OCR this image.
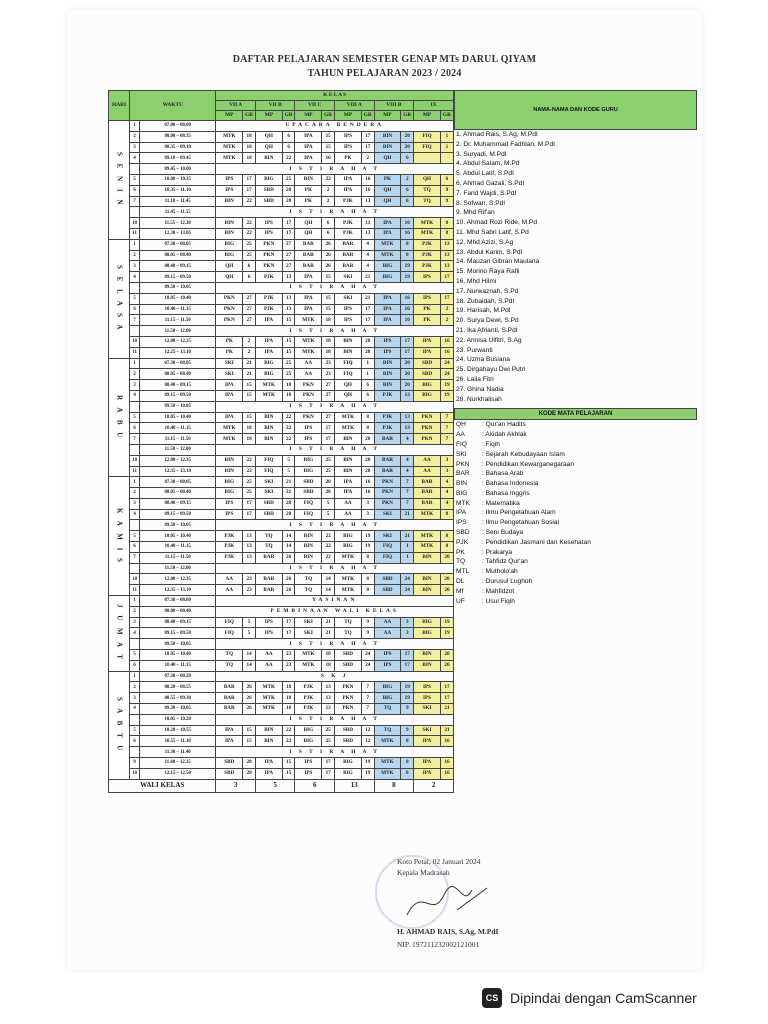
DAFTAR PELAJARAN SEMESTER GENAP MTs DARUL QIYAM
TAHUN PELAJARAN 2023 / 2024
HARI	WAKTU		K E L A S											
			VII A		VII B		VII C		VIII A		VIII B		IX	
			MP	GR	MP	GR	MP	GR	MP	GR	MP	GR	MP	GR
S E N I N	1	07.00 – 08.00	UPACARA BENDERA											
	2	08.00 – 08.35	MTK	18	QH	6	IPA	15	IPS	17	BIN	20	FIQ	1
	3	08.35 – 09.10	MTK	18	QH	6	IPA	15	IPS	17	BIN	20	FIQ	1
	4	09.10 – 09.45	MTK	18	BIN	22	IPA	16	PK	2	QH	6		
		09.45 – 10.00	I S T I R A H A T											
	5	10.00 – 10.35	IPS	17	BIG	25	BIN	22	IPA	16	PK	2	QH	6
	6	10.35 – 11.10	IPS	17	SBD	28	PK	2	IPA	16	QH	6	TQ	9
	7	11.10 – 11.45	BIN	22	SBD	28	PK	2	PJK	13	QH	6	TQ	9
		11.45 – 11.55	I S T I R A H A T											
	10	11.55 – 12.30	BIN	22	IPS	17	QH	6	PJK	13	IPA	16	MTK	8
	11	12.30 – 13.05	BIN	22	IPS	17	QH	6	PJK	13	IPA	16	MTK	8
S E L A S A	1	07.30 – 08.05	BIG	25	PKN	27	BAR	26	BAR	4	MTK	8	PJK	13
	2	08.05 – 08.40	BIG	25	PKN	27	BAR	26	BAR	4	MTK	8	PJK	13
	3	08.40 – 09.15	QH	6	PKN	27	BAR	26	BAR	4	BIG	19	PJK	13
	4	09.15 – 09.50	QH	6	PJK	13	IPA	15	SKI	21	BIG	19	IPS	17
		09.50 – 10.05	I S T I R A H A T											
	5	10.05 – 10.40	PKN	27	PJK	13	IPA	15	SKI	21	IPA	16	IPS	17
	6	10.40 – 11.15	PKN	27	PJK	13	IPA	15	IPS	17	IPA	16	PK	2
	7	11.15 – 11.50	PKN	27	IPA	15	MTK	18	IPS	17	IPA	16	PK	2
		11.50 – 12.00	I S T I R A H A T											
	10	12.00 – 12.25	PK	2	IPA	15	MTK	18	BIN	20	IPS	17	IPA	16
	11	12.25 – 13.10	PK	2	IPA	15	MTK	18	BIN	20	IPS	17	IPA	16
R A B U	1	07.30 – 08.05	SKI	21	BIG	25	AA	23	FIQ	1	BIN	20	SBD	24
	2	08.05 – 08.40	SKI	21	BIG	25	AA	23	FIQ	1	BIN	20	SBD	24
	3	08.40 – 09.15	IPA	15	MTK	18	PKN	27	QH	6	BIN	20	BIG	19
	4	09.15 – 09.50	IPA	15	MTK	18	PKN	27	QH	6	PJK	13	BIG	19
		09.50 – 10.05	I S T I R A H A T											
	5	10.05 – 10.40	IPA	15	BIN	22	PKN	27	MTK	8	PJK	13	PKN	7
	6	10.40 – 11.15	MTK	18	BIN	22	IPS	17	MTK	8	PJK	13	PKN	7
	7	11.15 – 11.50	MTK	18	BIN	22	IPS	17	BIN	20	BAR	4	PKN	7
		11.50 – 12.00	I S T I R A H A T											
	10	12.00 – 12.35	BIN	22	FIQ	5	BIG	25	BIN	20	BAR	4	AA	3
	11	12.35 – 13.10	BIN	22	FIQ	5	BIG	25	BIN	20	BAR	4	AA	3
K A M I S	1	07.30 – 08.05	BIG	25	SKI	21	SBD	28	IPA	16	PKN	7	BAR	4
	2	08.05 – 08.40	BIG	25	SKI	21	SBD	28	IPA	16	PKN	7	BAR	4
	3	08.40 – 09.15	IPS	17	SBD	28	FIQ	5	AA	3	PKN	7	BAR	4
	4	09.15 – 09.50	IPS	17	SBD	28	FIQ	5	AA	3	SKI	21	MTK	8
		09.50 – 10.05	I S T I R A H A T											
	5	10.05 – 10.40	PJK	13	TQ	14	BIN	22	BIG	19	SKI	21	MTK	8
	6	10.40 – 11.15	PJK	13	TQ	14	BIN	22	BIG	19	FIQ	1	MTK	8
	7	11.15 – 11.50	PJK	13	BAR	26	BIN	22	MTK	8	FIQ	1	BIN	20
		11.50 – 12.00	I S T I R A H A T											
	10	12.00 – 12.35	AA	23	BAR	26	TQ	14	MTK	8	SBD	24	BIN	20
	11	12.35 – 13.10	AA	23	BAR	26	TQ	14	MTK	8	SBD	24	BIN	20
J U M A T	1	07.30 – 08.00	YASINAN											
	2	08.00 – 08.40	PEMBINAAN WALI KELAS											
	3	08.40 – 09.15	FIQ	5	IPS	17	SKI	21	TQ	9	AA	3	BIG	19
	4	09.15 – 09.50	FIQ	5	IPS	17	SKI	21	TQ	9	AA	3	BIG	19
		09.50 – 10.05	I S T I R A H A T											
	5	10.05 – 10.40	TQ	14	AA	23	MTK	18	SBD	24	IPS	17	BIN	20
	6	10.40 – 11.15	TQ	14	AA	23	MTK	18	SBD	24	IPS	17	BIN	20
S A B T U	1	07.30 – 08.20	S K J											
	2	08.20 – 08.55	BAR	26	MTK	18	PJK	13	PKN	7	BIG	19	IPS	17
	3	08.55 – 09.30	BAR	26	MTK	18	PJK	13	PKN	7	BIG	19	IPS	17
	4	09.30 – 10.05	BAR	26	MTK	18	PJK	13	PKN	7	TQ	9	SKI	21
		10.05 – 10.20	I S T I R A H A T											
	5	10.20 – 10.55	IPA	15	BIN	22	BIG	25	SBD	12	TQ	9	SKI	21
	6	10.55 – 11.30	IPA	15	BIN	22	BIG	25	SBD	12	MTK	8	IPA	16
		11.30 – 11.40	I S T I R A H A T											
	9	11.40 – 12.15	SBD	28	IPA	15	IPS	17	BIG	19	MTK	8	IPA	16
	10	12.15 – 12.50	SBD	28	IPA	15	IPS	17	BIG	19	MTK	8	IPA	16
WALI KELAS			3		5		6		13		8		2	
NAMA-NAMA DAN KODE GURU
1. Ahmad Rais, S.Ag, M.PdI
2. Dr. Muhammad Fadhlan, M.PdI
3. Suryadi, M.PdI
4. Abdul Salam, M.Pd
5. Abdul Latif, S.PdI
6. Ahmad Gazali, S.PdI
7. Farid Wajdi, S.PdI
8. Sofwan, S.PdI
9. Mhd Rif'an
10. Ahmad Rozi Ride, M.Pd
11. Mhd Sabri Latif, S.Pd
12. Mhd Azizi, S.Ag
13. Abdul Karim, S.PdI
14. Mauzan Gibran Maulana
15. Morino Raya Rafli
16. Mhd Hilmi
17. Nurwaznah, S.Pd
18. Zubaidah, S.PdI
19. Harisah, M.PdI
20. Surya Dewi, S.Pd
21. Ika Afrianti, S.PdI
22. Annisa Ulfitri, S.Ag
23. Purwanti
24. Uzma Busiana
25. Dirgahayu Dwi Putri
26. Laila Fitri
27. Ghina Nadia
28. Nurkhalisah
KODE MATA PELAJARAN
QH	: Qur'an Hadits
AA	: Akidah Akhlak
FIQ	: Fiqih
SKI	: Sejarah Kebudayaan Islam
PKN	: Pendidikan Kewarganegaraan
BAR	: Bahasa Arab
BIN	: Bahasa Indonesia
BIG	: Bahasa Inggris
MTK	: Matematika
IPA	: Ilmu Pengetahuan Alam
IPS	: Ilmu Pengetahuan Sosial
SBD	: Seni Budaya
PJK	: Pendidikan Jasmani dan Kesehatan
PK	: Prakarya
TQ	: Tahfidz Qur'an
MTL	: Mutholo'ah
DL	: Durusul Lughoh
Mf	: Mahfidzot
UF	: Usul Fiqih
Koto Petai, 02 Januari 2024
Kepala Madrasah
H. AHMAD RAIS, S.Ag, M.PdI
NIP. 197211232002121001
CS Dipindai dengan CamScanner
